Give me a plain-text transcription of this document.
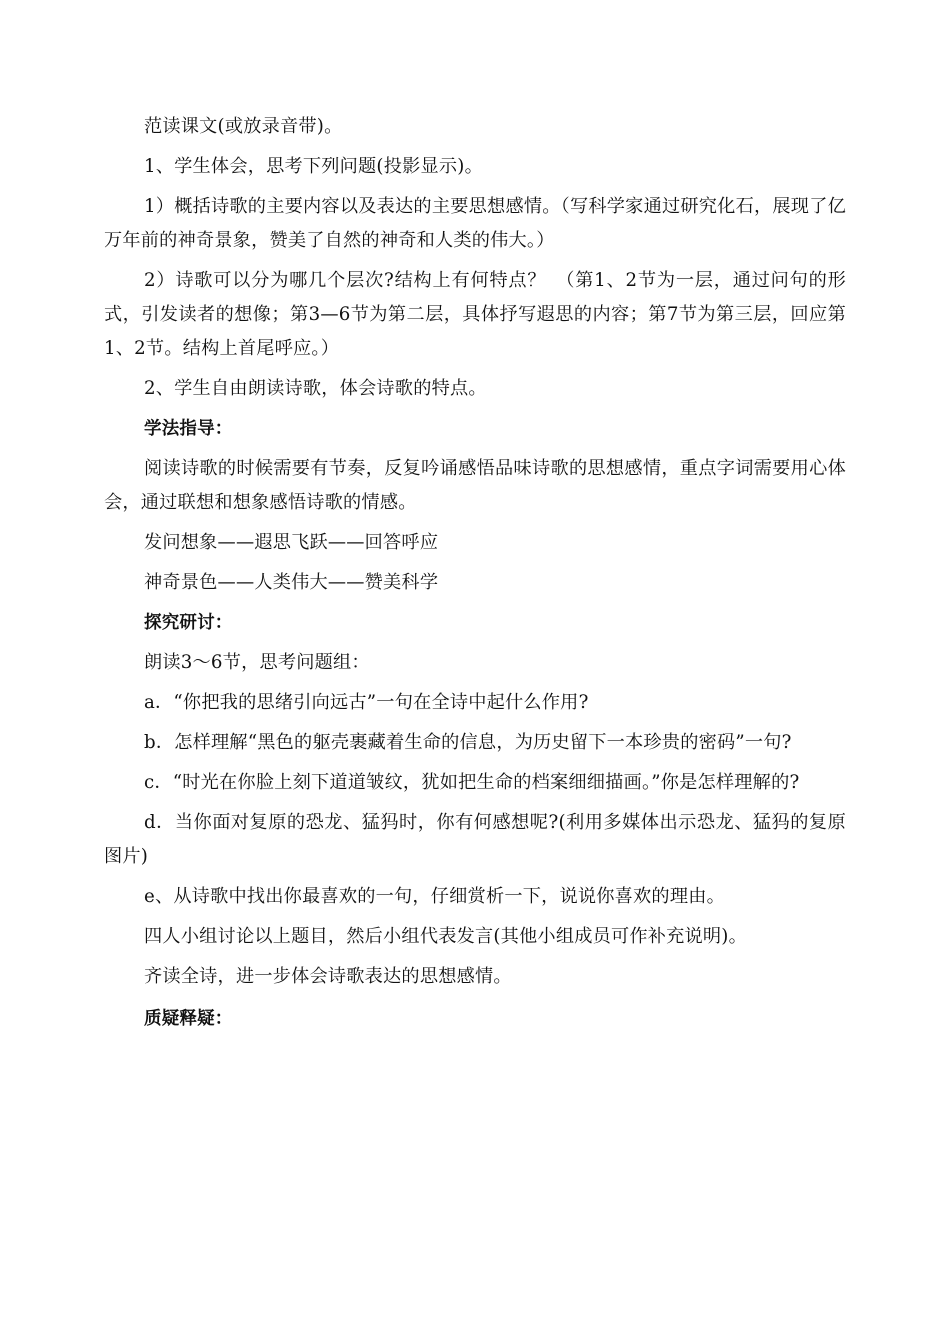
范读课文(或放录音带)。

1、学生体会，思考下列问题(投影显示)。

1）概括诗歌的主要内容以及表达的主要思想感情。（写科学家通过研究化石，展现了亿万年前的神奇景象，赞美了自然的神奇和人类的伟大。）

2）诗歌可以分为哪几个层次?结构上有何特点？　（第1、2节为一层，通过问句的形式，引发读者的想像；第3—6节为第二层，具体抒写遐思的内容；第7节为第三层，回应第1、2节。结构上首尾呼应。）

2、学生自由朗读诗歌，体会诗歌的特点。

学法指导：

阅读诗歌的时候需要有节奏，反复吟诵感悟品味诗歌的思想感情，重点字词需要用心体会，通过联想和想象感悟诗歌的情感。

发问想象——遐思飞跃——回答呼应

神奇景色——人类伟大——赞美科学

探究研讨：

朗读3～6节，思考问题组：

a．“你把我的思绪引向远古”一句在全诗中起什么作用?

b．怎样理解“黑色的躯壳裹藏着生命的信息，为历史留下一本珍贵的密码”一句?

c．“时光在你脸上刻下道道皱纹，犹如把生命的档案细细描画。”你是怎样理解的?

d．当你面对复原的恐龙、猛犸时，你有何感想呢?(利用多媒体出示恐龙、猛犸的复原图片)

e、从诗歌中找出你最喜欢的一句，仔细赏析一下，说说你喜欢的理由。

四人小组讨论以上题目，然后小组代表发言(其他小组成员可作补充说明)。

齐读全诗，进一步体会诗歌表达的思想感情。

质疑释疑：
